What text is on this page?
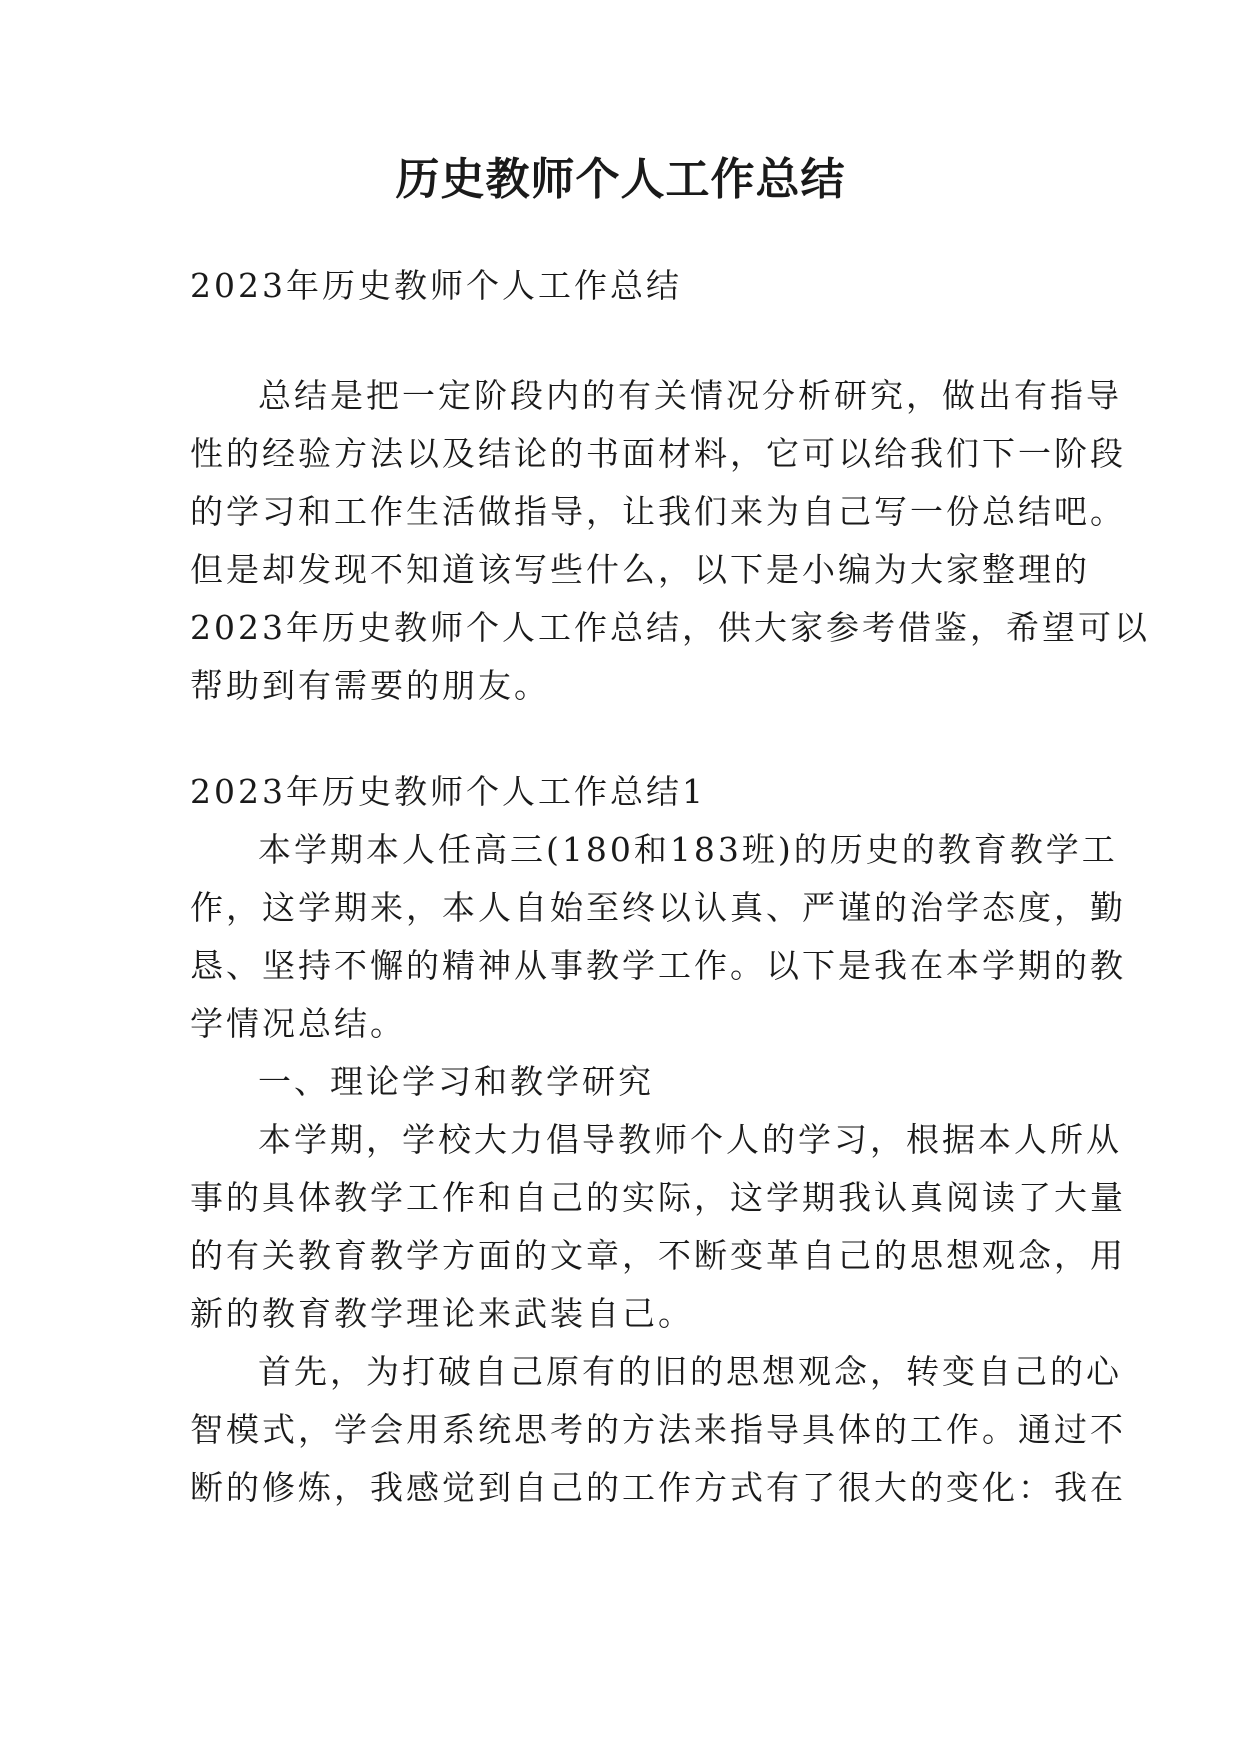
历史教师个人工作总结
2023年历史教师个人工作总结
总结是把一定阶段内的有关情况分析研究，做出有指导
性的经验方法以及结论的书面材料，它可以给我们下一阶段
的学习和工作生活做指导，让我们来为自己写一份总结吧。
但是却发现不知道该写些什么，以下是小编为大家整理的
2023年历史教师个人工作总结，供大家参考借鉴，希望可以
帮助到有需要的朋友。
2023年历史教师个人工作总结1
本学期本人任高三(180和183班)的历史的教育教学工
作，这学期来，本人自始至终以认真、严谨的治学态度，勤
恳、坚持不懈的精神从事教学工作。以下是我在本学期的教
学情况总结。
一、理论学习和教学研究
本学期，学校大力倡导教师个人的学习，根据本人所从
事的具体教学工作和自己的实际，这学期我认真阅读了大量
的有关教育教学方面的文章，不断变革自己的思想观念，用
新的教育教学理论来武装自己。
首先，为打破自己原有的旧的思想观念，转变自己的心
智模式，学会用系统思考的方法来指导具体的工作。通过不
断的修炼，我感觉到自己的工作方式有了很大的变化：我在
